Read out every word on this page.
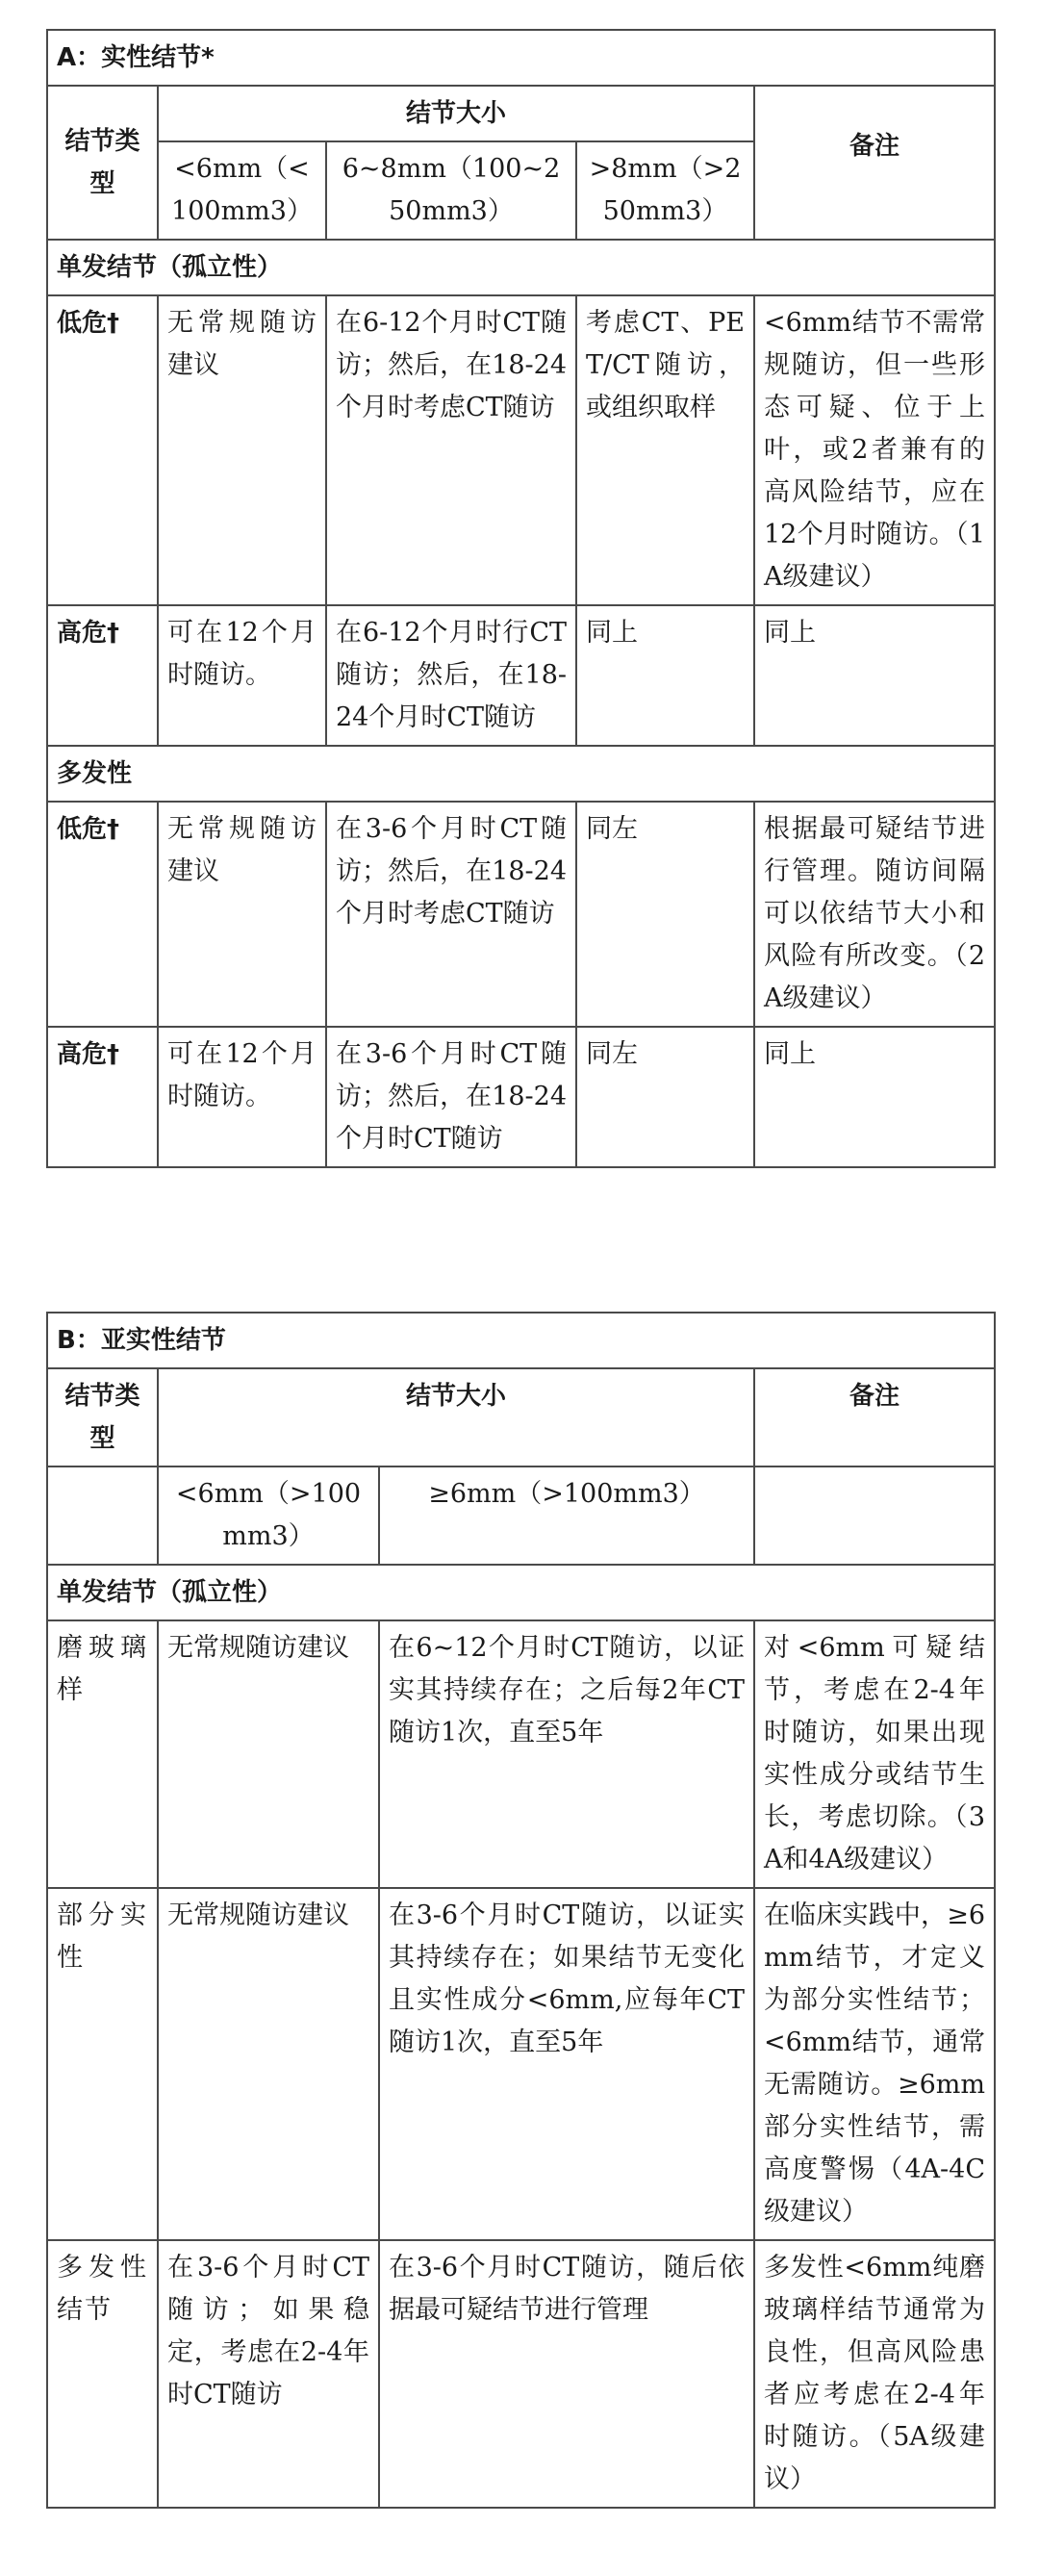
A：实性结节*				
结节类型	结节大小			备注
	<6mm（<100mm3）	6~8mm（100~250mm3）	>8mm（>250mm3）	
单发结节（孤立性）				
低危†	无常规随访建议	在6-12个月时CT随访；然后，在18-24个月时考虑CT随访	考虑CT、PET/CT随访，或组织取样	<6mm结节不需常规随访，但一些形态可疑、位于上叶，或2者兼有的高风险结节，应在12个月时随访。（1A级建议）
高危†	可在12个月时随访。	在6-12个月时行CT随访；然后，在18-24个月时CT随访	同上	同上
多发性				
低危†	无常规随访建议	在3-6个月时CT随访；然后，在18-24个月时考虑CT随访	同左	根据最可疑结节进行管理。随访间隔可以依结节大小和风险有所改变。（2A级建议）
高危†	可在12个月时随访。	在3-6个月时CT随访；然后，在18-24个月时CT随访	同左	同上
B：亚实性结节			
结节类型	结节大小		备注
	<6mm（>100mm3）	≥6mm（>100mm3）	
单发结节（孤立性）			
磨玻璃样	无常规随访建议	在6~12个月时CT随访，以证实其持续存在；之后每2年CT随访1次，直至5年	对<6mm可疑结节，考虑在2-4年时随访，如果出现实性成分或结节生长，考虑切除。（3A和4A级建议）
部分实性	无常规随访建议	在3-6个月时CT随访，以证实其持续存在；如果结节无变化且实性成分<6mm,应每年CT随访1次，直至5年	在临床实践中，≥6mm结节，才定义为部分实性结节；<6mm结节，通常无需随访。≥6mm部分实性结节，需高度警惕（4A-4C级建议）
多发性结节	在3-6个月时CT随访；如果稳定，考虑在2-4年时CT随访	在3-6个月时CT随访，随后依据最可疑结节进行管理	多发性<6mm纯磨玻璃样结节通常为良性，但高风险患者应考虑在2-4年时随访。（5A级建议）
